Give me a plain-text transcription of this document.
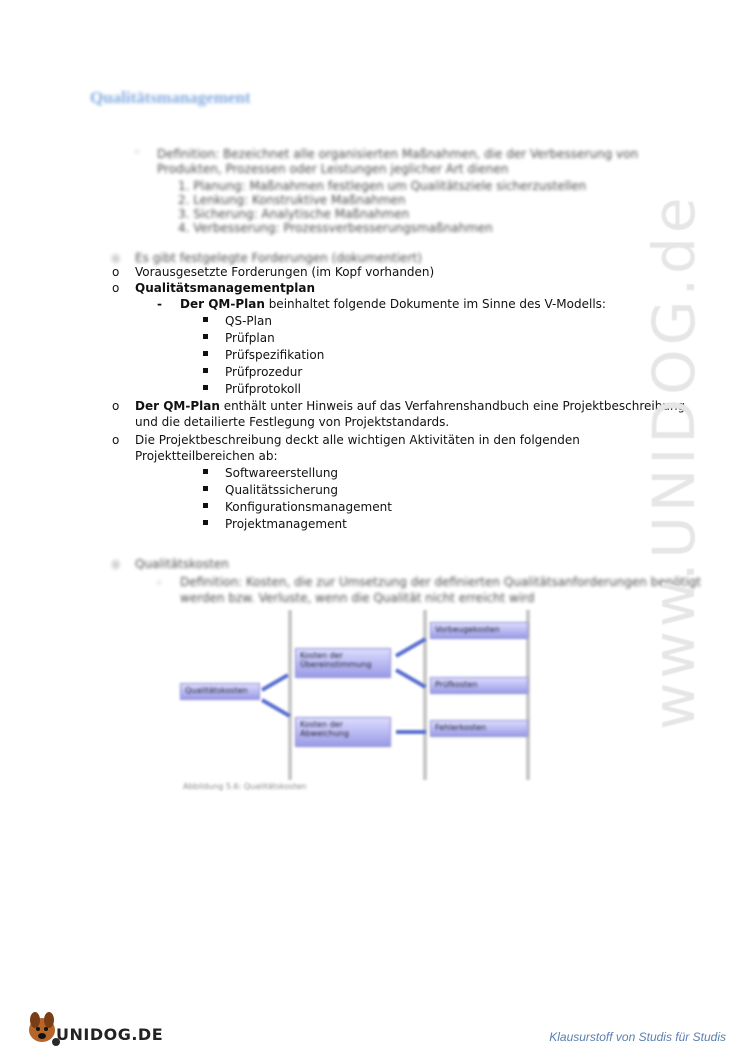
Qualitätsmanagement
- Definition: Bezeichnet alle organisierten Maßnahmen, die der Verbesserung von
Produkten, Prozessen oder Leistungen jeglicher Art dienen
1. Planung: Maßnahmen festlegen um Qualitätsziele sicherzustellen
2. Lenkung: Konstruktive Maßnahmen
3. Sicherung: Analytische Maßnahmen
4. Verbesserung: Prozessverbesserungsmaßnahmen
o Es gibt festgelegte Forderungen (dokumentiert)
o Vorausgesetzte Forderungen (im Kopf vorhanden)
o Qualitätsmanagementplan
- Der QM-Plan beinhaltet folgende Dokumente im Sinne des V-Modells:
QS-Plan
Prüfplan
Prüfspezifikation
Prüfprozedur
Prüfprotokoll
o Der QM-Plan enthält unter Hinweis auf das Verfahrenshandbuch eine Projektbeschreibung
und die detailierte Festlegung von Projektstandards.
o Die Projektbeschreibung deckt alle wichtigen Aktivitäten in den folgenden
Projektteilbereichen ab:
Softwareerstellung
Qualitätssicherung
Konfigurationsmanagement
Projektmanagement
o Qualitätskosten
- Definition: Kosten, die zur Umsetzung der definierten Qualitätsanforderungen benötigt
werden bzw. Verluste, wenn die Qualität nicht erreicht wird
Qualitätskosten
Kosten der Übereinstimmung
Kosten der Abweichung
Vorbeugekosten
Prüfkosten
Fehlerkosten
Abbildung 5.6: Qualitätskosten
www.UNIDOG.de
UNIDOG.DE	Klausurstoff von Studis für Studis
